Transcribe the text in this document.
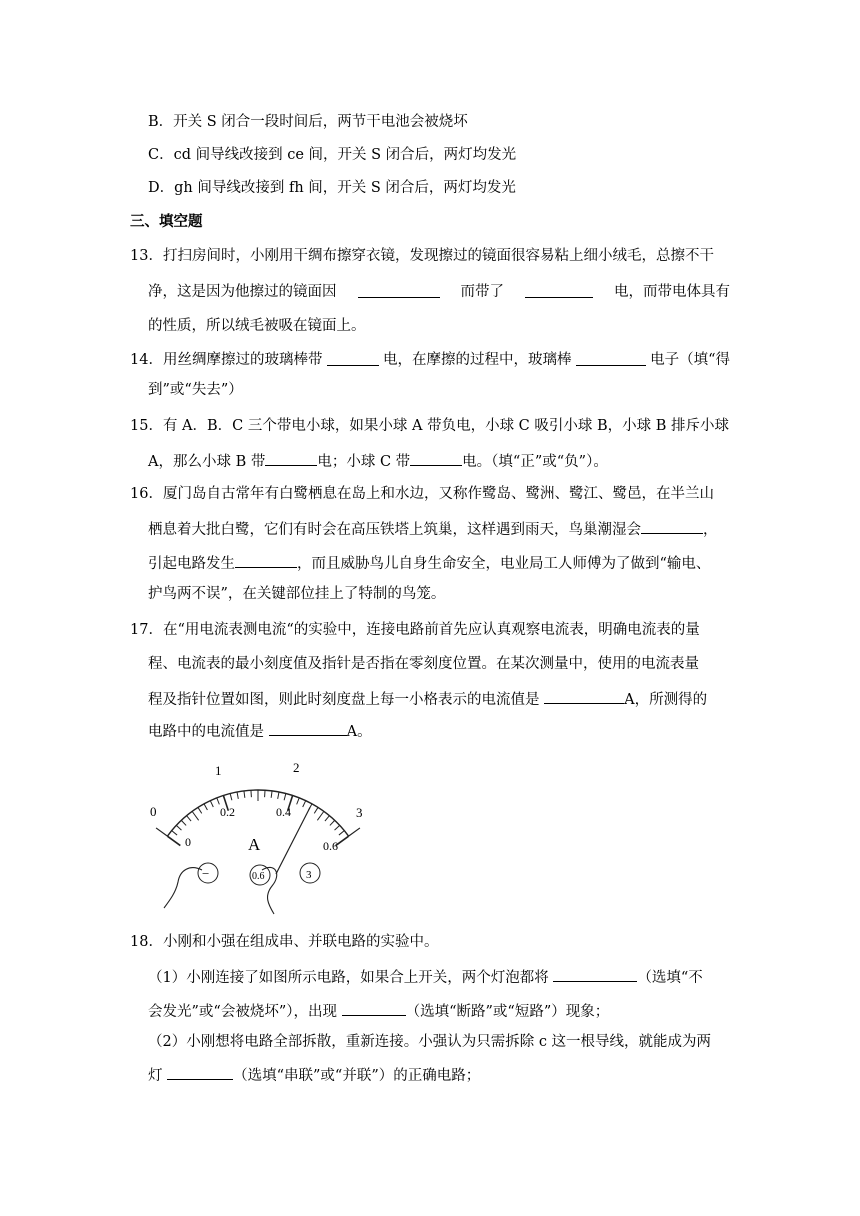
B．开关 S 闭合一段时间后，两节干电池会被烧坏
C．cd 间导线改接到 ce 间，开关 S 闭合后，两灯均发光
D．gh 间导线改接到 fh 间，开关 S 闭合后，两灯均发光
三、填空题
13．打扫房间时，小刚用干绸布擦穿衣镜，发现擦过的镜面很容易粘上细小绒毛，总擦不干
净，这是因为他擦过的镜面因	而带了	电，而带电体具有
的性质，所以绒毛被吸在镜面上。
14．用丝绸摩擦过的玻璃棒带	电，在摩擦的过程中，玻璃棒	电子（填“得
到”或“失去”）
15．有 A．B．C 三个带电小球，如果小球 A 带负电，小球 C 吸引小球 B，小球 B 排斥小球
A，那么小球 B 带	电；小球 C 带	电。（填“正”或“负”）。
16．厦门岛自古常年有白鹭栖息在岛上和水边，又称作鹭岛、鹭洲、鹭江、鹭邑，在半兰山
栖息着大批白鹭，它们有时会在高压铁塔上筑巢，这样遇到雨天，鸟巢潮湿会	，
引起电路发生	，而且威胁鸟儿自身生命安全，电业局工人师傅为了做到“输电、
护鸟两不误”，在关键部位挂上了特制的鸟笼。
17．在“用电流表测电流“的实验中，连接电路前首先应认真观察电流表，明确电流表的量
程、电流表的最小刻度值及指针是否指在零刻度位置。在某次测量中，使用的电流表量
程及指针位置如图，则此时刻度盘上每一小格表示的电流值是	A，所测得的
电路中的电流值是	A。
0
1	2
3
0
0.2	0.4
0.6
A
−	0.6	3
18．小刚和小强在组成串、并联电路的实验中。
（1）小刚连接了如图所示电路，如果合上开关，两个灯泡都将	（选填“不
会发光”或“会被烧坏”），出现	（选填“断路”或“短路”）现象；
（2）小刚想将电路全部拆散，重新连接。小强认为只需拆除 c 这一根导线，就能成为两
灯	（选填“串联”或“并联”）的正确电路；
